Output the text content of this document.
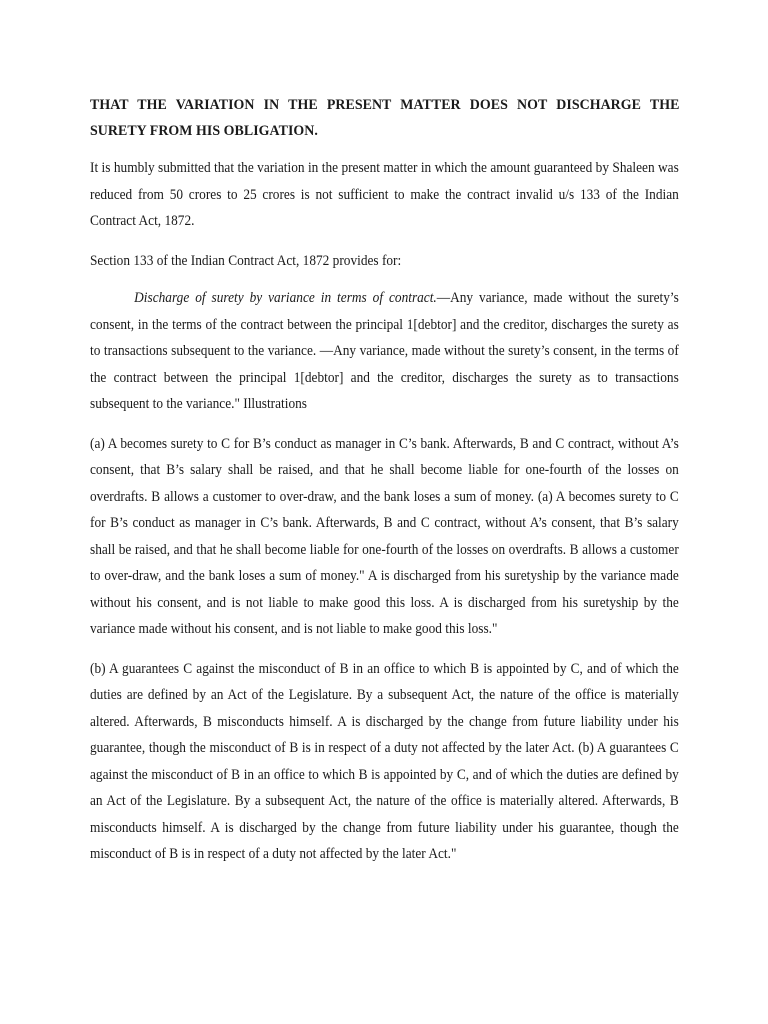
THAT THE VARIATION IN THE PRESENT MATTER DOES NOT DISCHARGE THE SURETY FROM HIS OBLIGATION.

It is humbly submitted that the variation in the present matter in which the amount guaranteed by Shaleen was reduced from 50 crores to 25 crores is not sufficient to make the contract invalid u/s 133 of the Indian Contract Act, 1872.

Section 133 of the Indian Contract Act, 1872 provides for:

Discharge of surety by variance in terms of contract.—Any variance, made without the surety’s consent, in the terms of the contract between the principal 1[debtor] and the creditor, discharges the surety as to transactions subsequent to the variance. —Any variance, made without the surety’s consent, in the terms of the contract between the principal 1[debtor] and the creditor, discharges the surety as to transactions subsequent to the variance." Illustrations

(a) A becomes surety to C for B’s conduct as manager in C’s bank. Afterwards, B and C contract, without A’s consent, that B’s salary shall be raised, and that he shall become liable for one-fourth of the losses on overdrafts. B allows a customer to over-draw, and the bank loses a sum of money. (a) A becomes surety to C for B’s conduct as manager in C’s bank. Afterwards, B and C contract, without A’s consent, that B’s salary shall be raised, and that he shall become liable for one-fourth of the losses on overdrafts. B allows a customer to over-draw, and the bank loses a sum of money." A is discharged from his suretyship by the variance made without his consent, and is not liable to make good this loss. A is discharged from his suretyship by the variance made without his consent, and is not liable to make good this loss."

(b) A guarantees C against the misconduct of B in an office to which B is appointed by C, and of which the duties are defined by an Act of the Legislature. By a subsequent Act, the nature of the office is materially altered. Afterwards, B misconducts himself. A is discharged by the change from future liability under his guarantee, though the misconduct of B is in respect of a duty not affected by the later Act. (b) A guarantees C against the misconduct of B in an office to which B is appointed by C, and of which the duties are defined by an Act of the Legislature. By a subsequent Act, the nature of the office is materially altered. Afterwards, B misconducts himself. A is discharged by the change from future liability under his guarantee, though the misconduct of B is in respect of a duty not affected by the later Act."
